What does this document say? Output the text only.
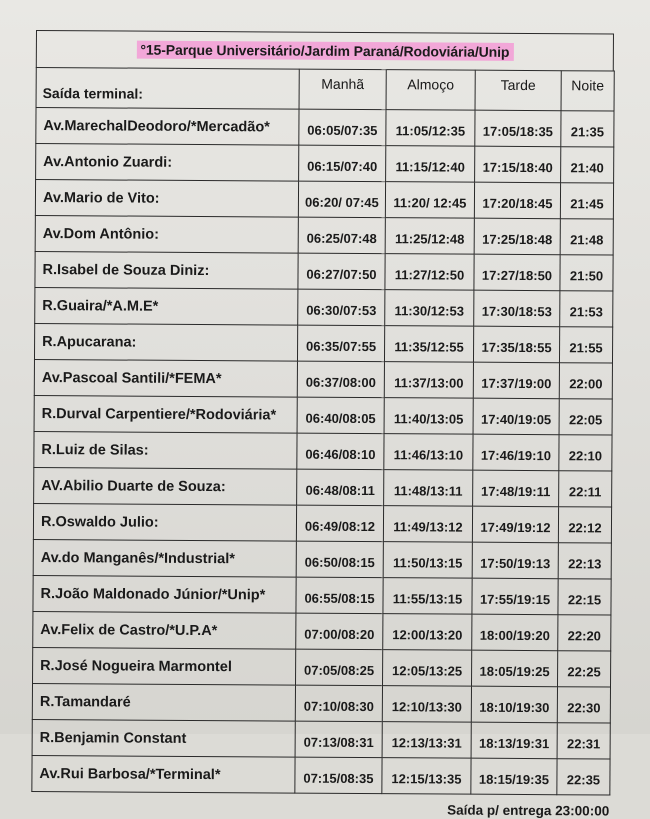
°15-Parque Universitário/Jardim Paraná/Rodoviária/Unip
Saída terminal:	Manhã	Almoço	Tarde	Noite
Av.MarechalDeodoro/*Mercadão*	06:05/07:35	11:05/12:35	17:05/18:35	21:35
Av.Antonio Zuardi:	06:15/07:40	11:15/12:40	17:15/18:40	21:40
Av.Mario de Vito:	06:20/ 07:45	11:20/ 12:45	17:20/18:45	21:45
Av.Dom Antônio:	06:25/07:48	11:25/12:48	17:25/18:48	21:48
R.Isabel de Souza Diniz:	06:27/07:50	11:27/12:50	17:27/18:50	21:50
R.Guaira/*A.M.E*	06:30/07:53	11:30/12:53	17:30/18:53	21:53
R.Apucarana:	06:35/07:55	11:35/12:55	17:35/18:55	21:55
Av.Pascoal Santili/*FEMA*	06:37/08:00	11:37/13:00	17:37/19:00	22:00
R.Durval Carpentiere/*Rodoviária*	06:40/08:05	11:40/13:05	17:40/19:05	22:05
R.Luiz de Silas:	06:46/08:10	11:46/13:10	17:46/19:10	22:10
AV.Abilio Duarte de Souza:	06:48/08:11	11:48/13:11	17:48/19:11	22:11
R.Oswaldo Julio:	06:49/08:12	11:49/13:12	17:49/19:12	22:12
Av.do Manganês/*Industrial*	06:50/08:15	11:50/13:15	17:50/19:13	22:13
R.João Maldonado Júnior/*Unip*	06:55/08:15	11:55/13:15	17:55/19:15	22:15
Av.Felix de Castro/*U.P.A*	07:00/08:20	12:00/13:20	18:00/19:20	22:20
R.José Nogueira Marmontel	07:05/08:25	12:05/13:25	18:05/19:25	22:25
R.Tamandaré	07:10/08:30	12:10/13:30	18:10/19:30	22:30
R.Benjamin Constant	07:13/08:31	12:13/13:31	18:13/19:31	22:31
Av.Rui Barbosa/*Terminal*	07:15/08:35	12:15/13:35	18:15/19:35	22:35
Saída p/ entrega 23:00:00
